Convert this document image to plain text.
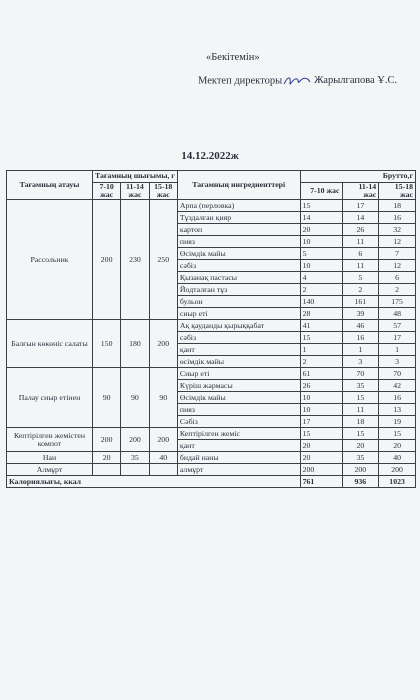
«Бекітемін»
Мектеп директоры	Жарылгапова Ұ.С.
14.12.2022ж
Тағамның атауы	Тағамның шығымы, г			Тағамның ингредиенттері	Брутто,г		
	7-10 жас	11-14 жас	15-18 жас		7-10 жас	11-14 жас	15-18 жас
Рассольник	200	230	250	Арпа (перловка)	15	17	18
				Тұздалған қияр	14	14	16
				картоп	20	26	32
				пияз	10	11	12
				Өсімдік майы	5	6	7
				сәбіз	10	11	12
				Қызанақ пастасы	4	5	6
				Йодталған тұз	2	2	2
				бульон	140	161	175
				сиыр еті	28	39	48
Балғын көкөніс салаты	150	180	200	Ақ қауданды қырыққабат	41	46	57
				сәбіз	15	16	17
				қант	1	1	1
				өсімдік майы	2	3	3
Палау сиыр етінен	90	90	90	Сиыр еті	61	70	70
				Күріш жармасы	26	35	42
				Өсімдік майы	10	15	16
				пияз	10	11	13
				Сәбіз	17	18	19
Кептірілген жемістен компот	200	200	200	Кептірілген жеміс	15	15	15
				қант	20	20	20
Нан	20	35	40	бидай наны	20	35	40
Алмұрт				алмұрт	200	200	200
Калориялығы, ккал					761	936	1023
